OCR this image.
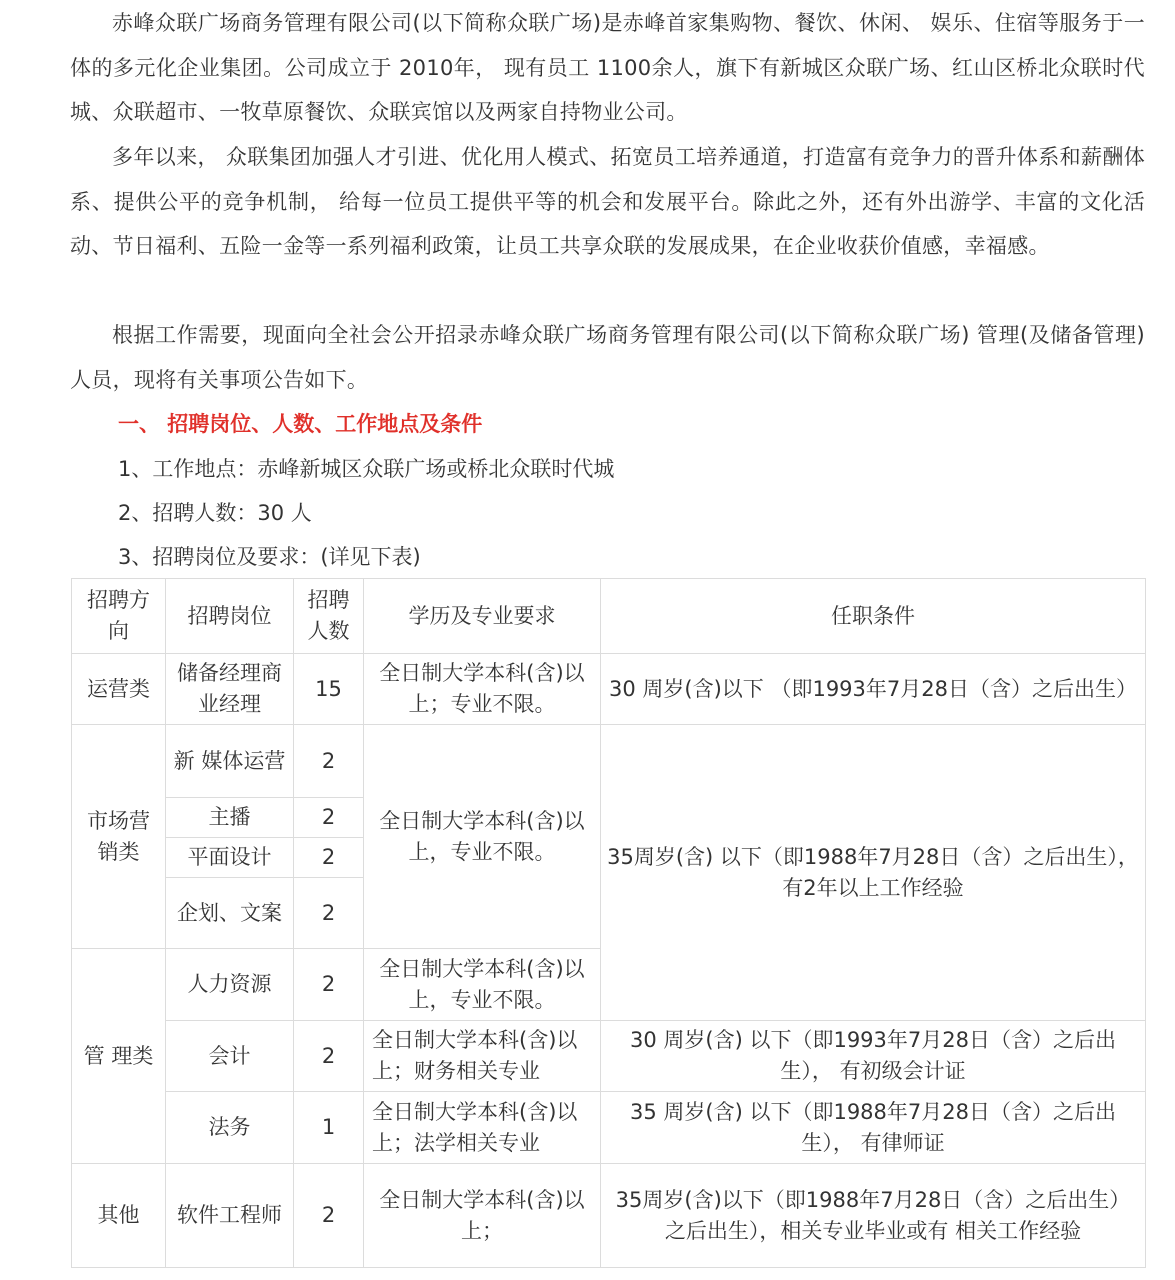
赤峰众联广场商务管理有限公司(以下简称众联广场)是赤峰首家集购物、餐饮、休闲、 娱乐、住宿等服务于一体的多元化企业集团。公司成立于 2010年， 现有员工 1100余人，旗下有新城区众联广场、红山区桥北众联时代 城、众联超市、一牧草原餐饮、众联宾馆以及两家自持物业公司。

多年以来， 众联集团加强人才引进、优化用人模式、拓宽员工培养通道，打造富有竞争力的晋升体系和薪酬体系、提供公平的竞争机制， 给每一位员工提供平等的机会和发展平台。除此之外，还有外出游学、丰富的文化活动、节日福利、五险一金等一系列福利政策，让员工共享众联的发展成果，在企业收获价值感，幸福感。

根据工作需要，现面向全社会公开招录赤峰众联广场商务管理有限公司(以下简称众联广场) 管理(及储备管理) 人员，现将有关事项公告如下。

一、 招聘岗位、人数、工作地点及条件

1、工作地点：赤峰新城区众联广场或桥北众联时代城

2、招聘人数：30 人

3、招聘岗位及要求：(详见下表)

招聘方向	招聘岗位	招聘人数	学历及专业要求	任职条件
运营类	储备经理商业经理	15	全日制大学本科(含)以上；专业不限。	30 周岁(含)以下 （即1993年7月28日（含）之后出生）
市场营销类	新 媒体运营	2	全日制大学本科(含)以上，专业不限。	35周岁(含) 以下（即1988年7月28日（含）之后出生）， 有2年以上工作经验
	主播	2		
	平面设计	2		
	企划、文案	2		
管 理类	人力资源	2	全日制大学本科(含)以上，专业不限。	
	会计	2	全日制大学本科(含)以上；财务相关专业	30 周岁(含) 以下（即1993年7月28日（含）之后出生）， 有初级会计证
	法务	1	全日制大学本科(含)以上；法学相关专业	35 周岁(含) 以下（即1988年7月28日（含）之后出生）， 有律师证
其他	软件工程师	2	全日制大学本科(含)以上；	35周岁(含)以下（即1988年7月28日（含）之后出生）之后出生），相关专业毕业或有 相关工作经验
